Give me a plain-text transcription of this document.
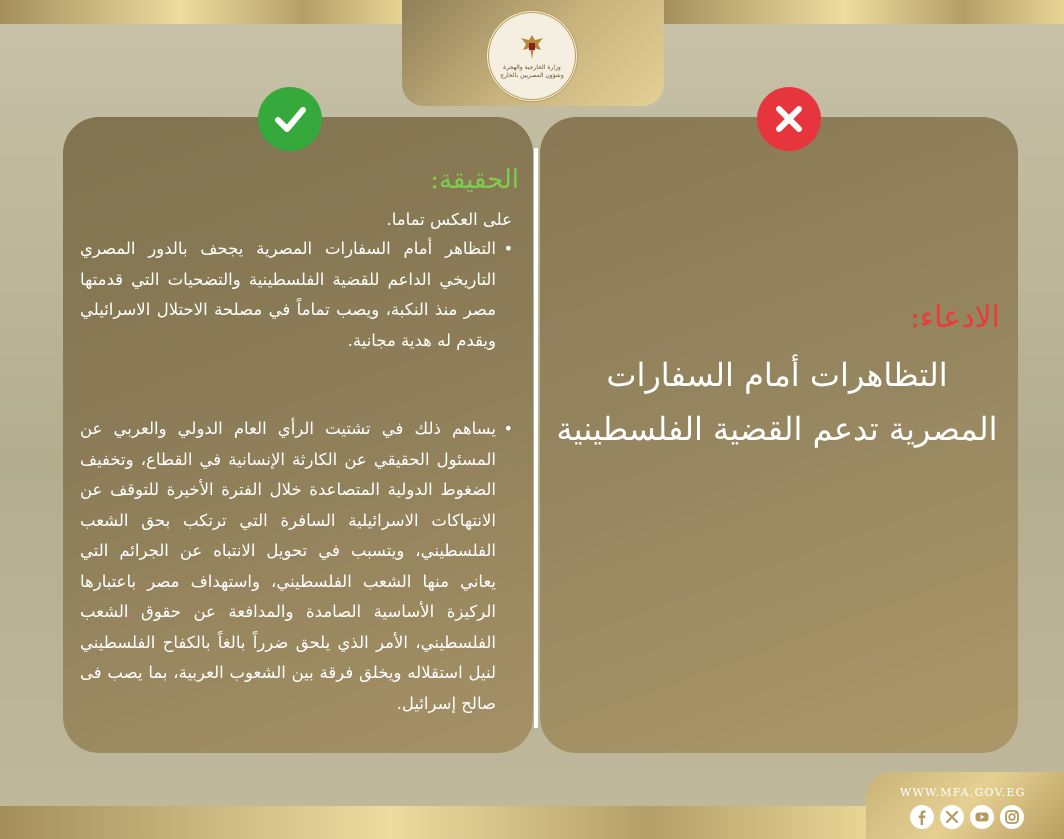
وزارة الخارجية والهجرة وشؤون المصريين بالخارج
الحقيقة:
على العكس تماما.
•
التظاهر أمام السفارات المصرية يجحف بالدور المصري التاريخي الداعم للقضية الفلسطينية والتضحيات التي قدمتها مصر منذ النكبة، ويصب تماماً في مصلحة الاحتلال الاسرائيلي ويقدم له هدية مجانية.
•
يساهم ذلك في تشتيت الرأي العام الدولي والعربي عن المسئول الحقيقي عن الكارثة الإنسانية في القطاع، وتخفيف الضغوط الدولية المتصاعدة خلال الفترة الأخيرة للتوقف عن الانتهاكات الاسرائيلية السافرة التي ترتكب بحق الشعب الفلسطيني، ويتسبب في تحويل الانتباه عن الجرائم التي يعاني منها الشعب الفلسطيني، واستهداف مصر باعتبارها الركيزة الأساسية الصامدة والمدافعة عن حقوق الشعب الفلسطيني، الأمر الذي يلحق ضرراً بالغاً بالكفاح الفلسطيني لنيل استقلاله ويخلق فرقة بين الشعوب العربية، بما يصب فى صالح إسرائيل.
الادعاء:
التظاهرات أمام السفارات المصرية تدعم القضية الفلسطينية
WWW.MFA.GOV.EG
